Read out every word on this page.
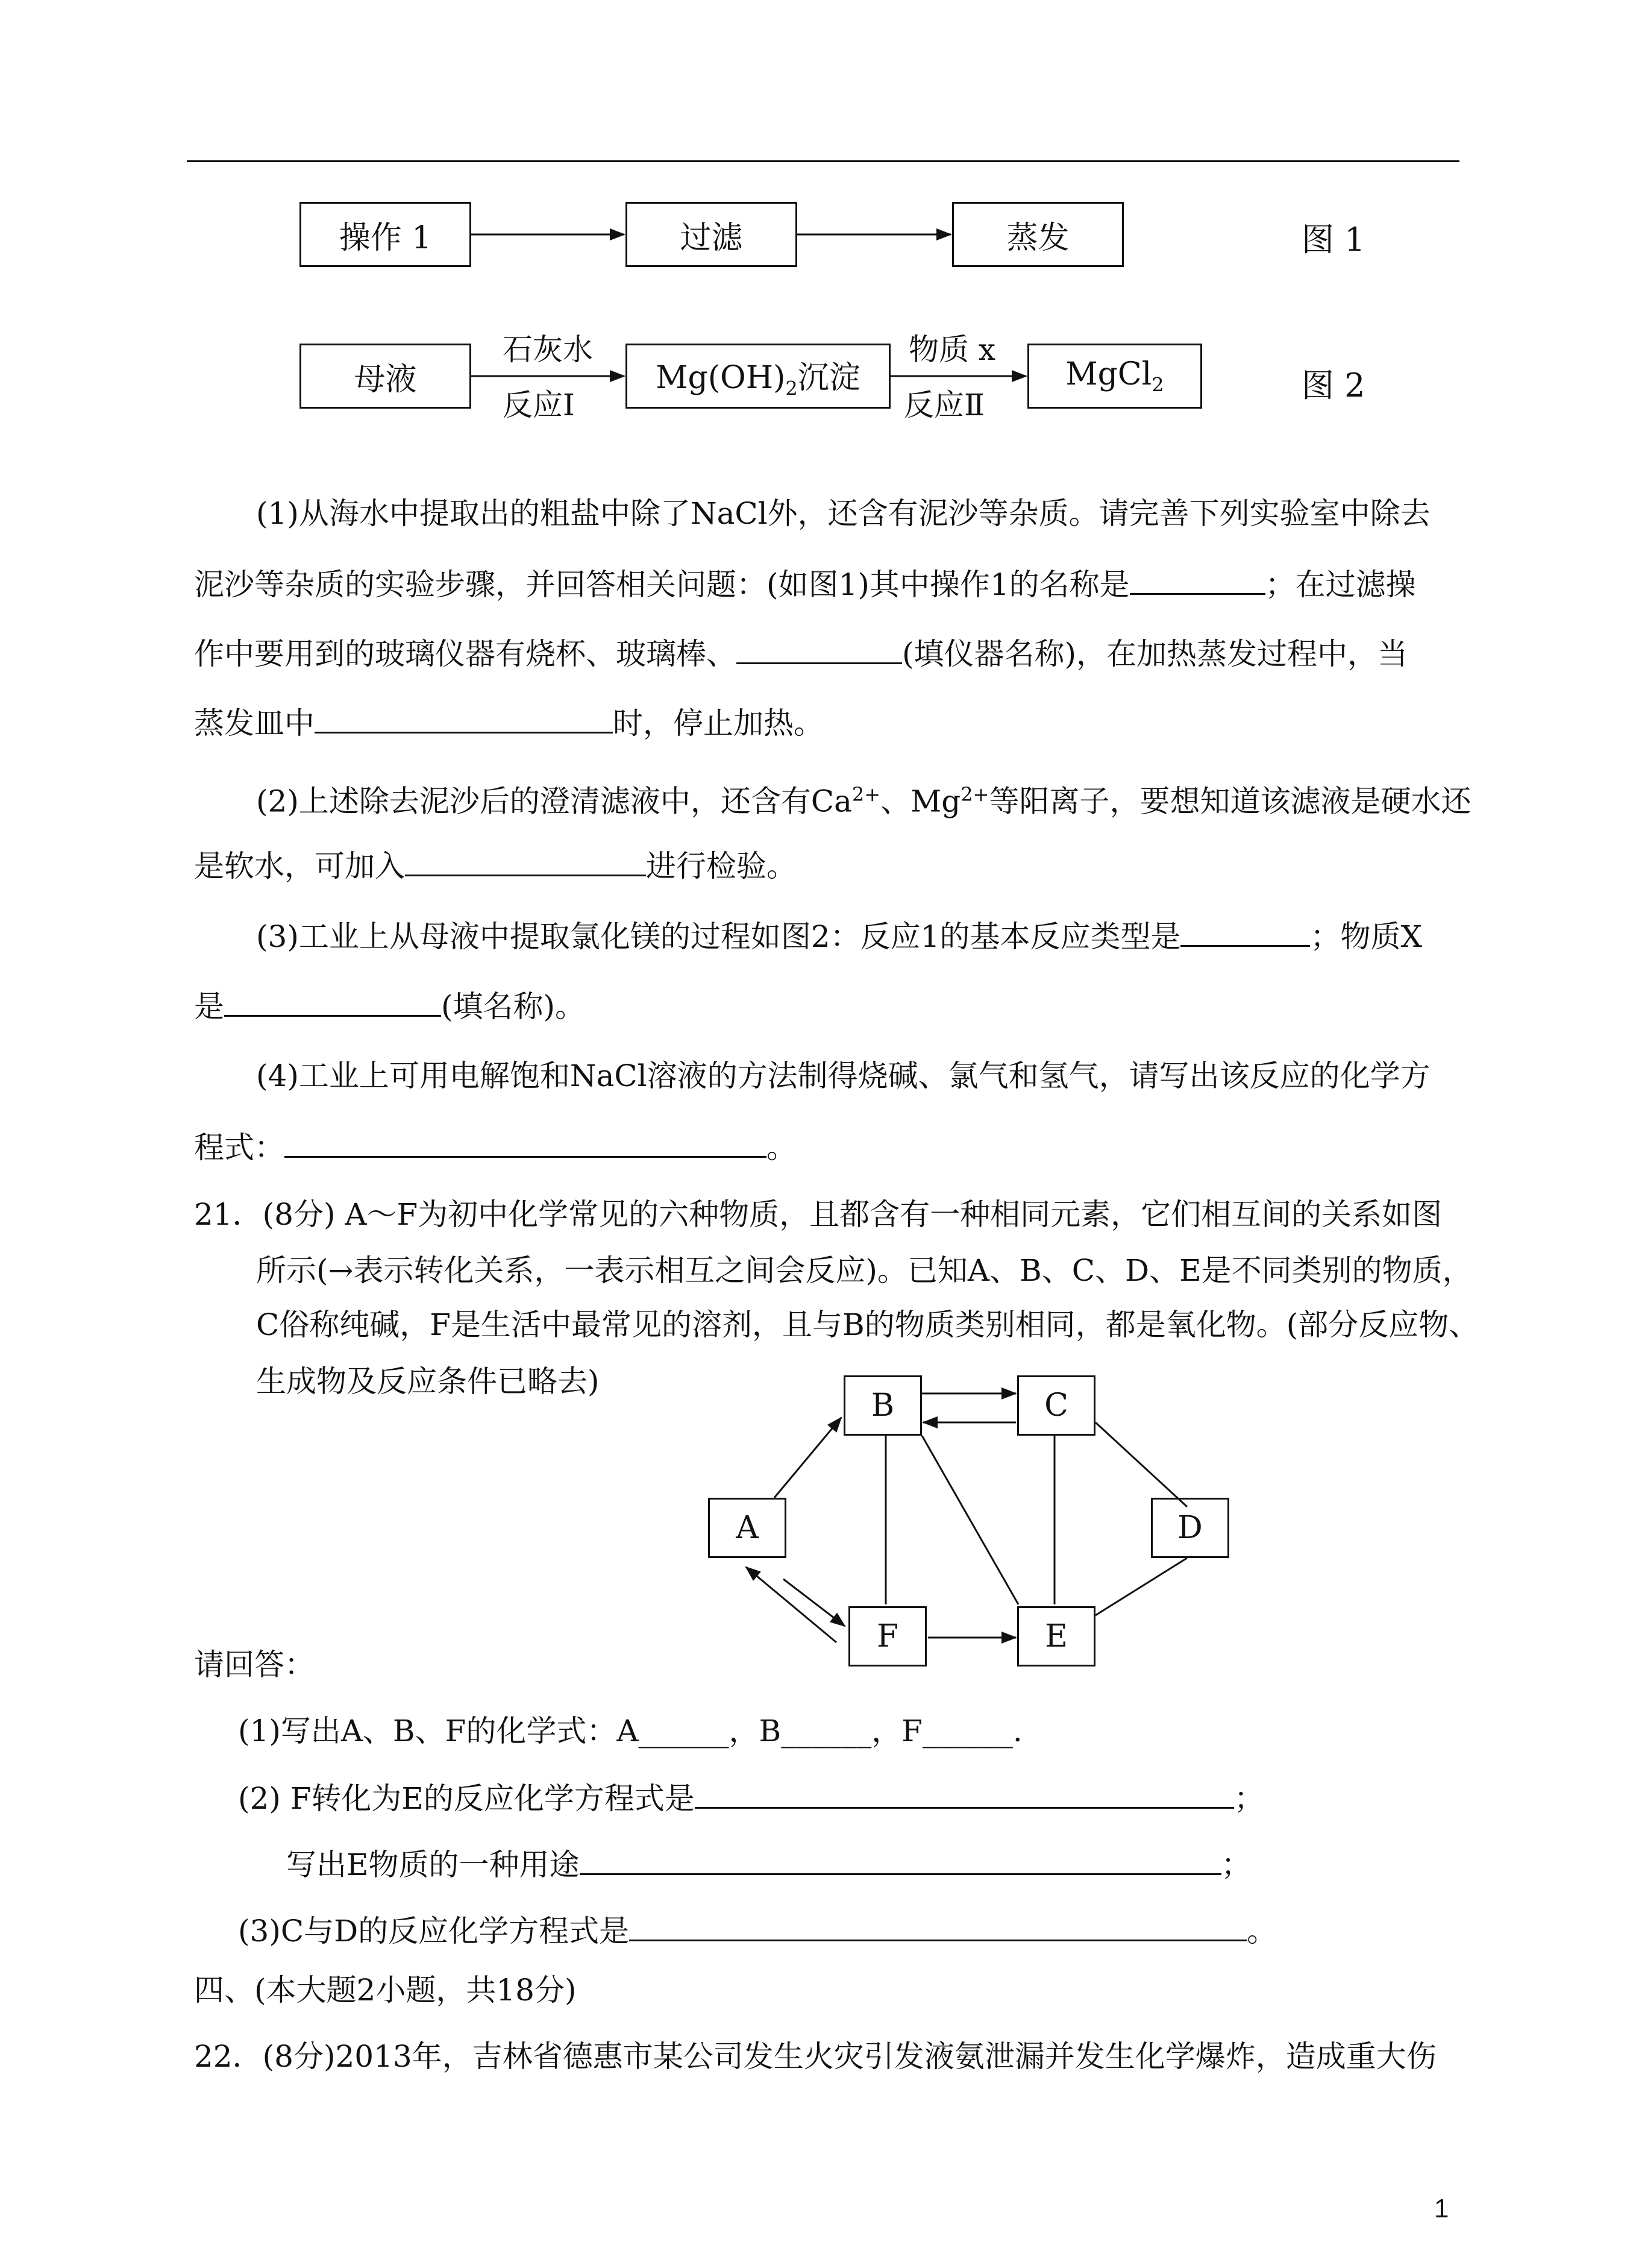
操作 1	过滤	蒸发	图 1
母液	$Mg(OH)_2$沉淀	MgCl$_2$
石灰水
反应Ⅰ
物质 x
反应Ⅱ
图 2
(1)从海水中提取出的粗盐中除了NaCl外，还含有泥沙等杂质。请完善下列实验室中除去
泥沙等杂质的实验步骤，并回答相关问题：(如图1)其中操作1的名称是	；在过滤操
作中要用到的玻璃仪器有烧杯、玻璃棒、	(填仪器名称)，在加热蒸发过程中，当
蒸发皿中	时，停止加热。
(2)上述除去泥沙后的澄清滤液中，还含有$Ca^{2+}$、$Mg^{2+}$等阳离子，要想知道该滤液是硬水还
是软水，可加入	进行检验。
(3)工业上从母液中提取氯化镁的过程如图2：反应1的基本反应类型是	；物质X
是	(填名称)。
(4)工业上可用电解饱和NaCl溶液的方法制得烧碱、氯气和氢气，请写出该反应的化学方
程式：	。
21．(8分) A～F为初中化学常见的六种物质，且都含有一种相同元素，它们相互间的关系如图
所示(→表示转化关系，一表示相互之间会反应)。已知A、B、C、D、E是不同类别的物质，
C俗称纯碱，F是生活中最常见的溶剂，且与B的物质类别相同，都是氧化物。(部分反应物、
生成物及反应条件已略去)
B	C
A	D
F	E
请回答：
(1)写出A、B、F的化学式：A______，B______，F______.
(2) F转化为E的反应化学方程式是	；
写出E物质的一种用途	；
(3)C与D的反应化学方程式是	。
四、(本大题2小题，共18分)
22．(8分)2013年，吉林省德惠市某公司发生火灾引发液氨泄漏并发生化学爆炸，造成重大伤
1
